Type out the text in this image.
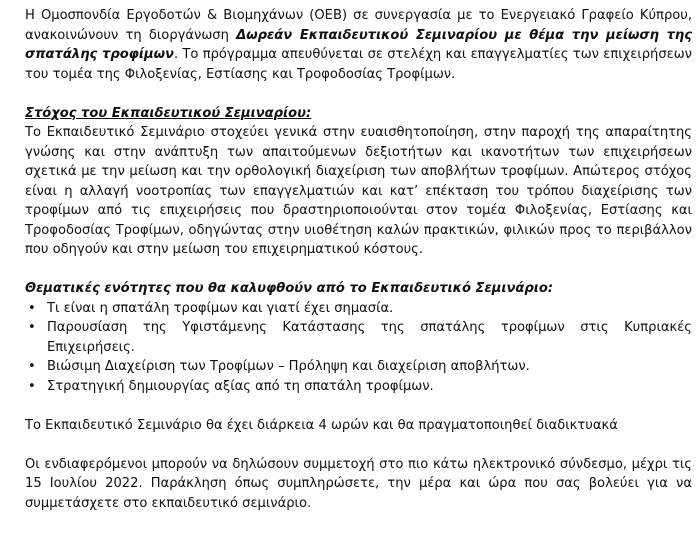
Η Ομοσπονδία Εργοδοτών & Βιομηχάνων (ΟΕΒ) σε συνεργασία με το Ενεργειακό Γραφείο Κύπρου, ανακοινώνουν τη διοργάνωση Δωρεάν Εκπαιδευτικού Σεμιναρίου με θέμα την μείωση της σπατάλης τροφίμων. Το πρόγραμμα απευθύνεται σε στελέχη και επαγγελματίες των επιχειρήσεων του τομέα της Φιλοξενίας, Εστίασης και Τροφοδοσίας Τροφίμων.

Στόχος του Εκπαιδευτικού Σεμιναρίου:

Το Εκπαιδευτικό Σεμινάριο στοχεύει γενικά στην ευαισθητοποίηση, στην παροχή της απαραίτητης γνώσης και στην ανάπτυξη των απαιτούμενων δεξιοτήτων και ικανοτήτων των επιχειρήσεων σχετικά με την μείωση και την ορθολογική διαχείριση των αποβλήτων τροφίμων. Απώτερος στόχος είναι η αλλαγή νοοτροπίας των επαγγελματιών και κατ’ επέκταση του τρόπου διαχείρισης των τροφίμων από τις επιχειρήσεις που δραστηριοποιούνται στον τομέα Φιλοξενίας, Εστίασης και Τροφοδοσίας Τροφίμων, οδηγώντας στην υιοθέτηση καλών πρακτικών, φιλικών προς το περιβάλλον που οδηγούν και στην μείωση του επιχειρηματικού κόστους.

Θεματικές ενότητες που θα καλυφθούν από το Εκπαιδευτικό Σεμινάριο:

• Τι είναι η σπατάλη τροφίμων και γιατί έχει σημασία.
• Παρουσίαση της Υφιστάμενης Κατάστασης της σπατάλης τροφίμων στις Κυπριακές Επιχειρήσεις.
• Βιώσιμη Διαχείριση των Τροφίμων – Πρόληψη και διαχείριση αποβλήτων.
• Στρατηγική δημιουργίας αξίας από τη σπατάλη τροφίμων.

Το Εκπαιδευτικό Σεμινάριο θα έχει διάρκεια 4 ωρών και θα πραγματοποιηθεί διαδικτυακά

Οι ενδιαφερόμενοι μπορούν να δηλώσουν συμμετοχή στο πιο κάτω ηλεκτρονικό σύνδεσμο, μέχρι τις 15 Ιουλίου 2022. Παράκληση όπως συμπληρώσετε, την μέρα και ώρα που σας βολεύει για να συμμετάσχετε στο εκπαιδευτικό σεμινάριο.
